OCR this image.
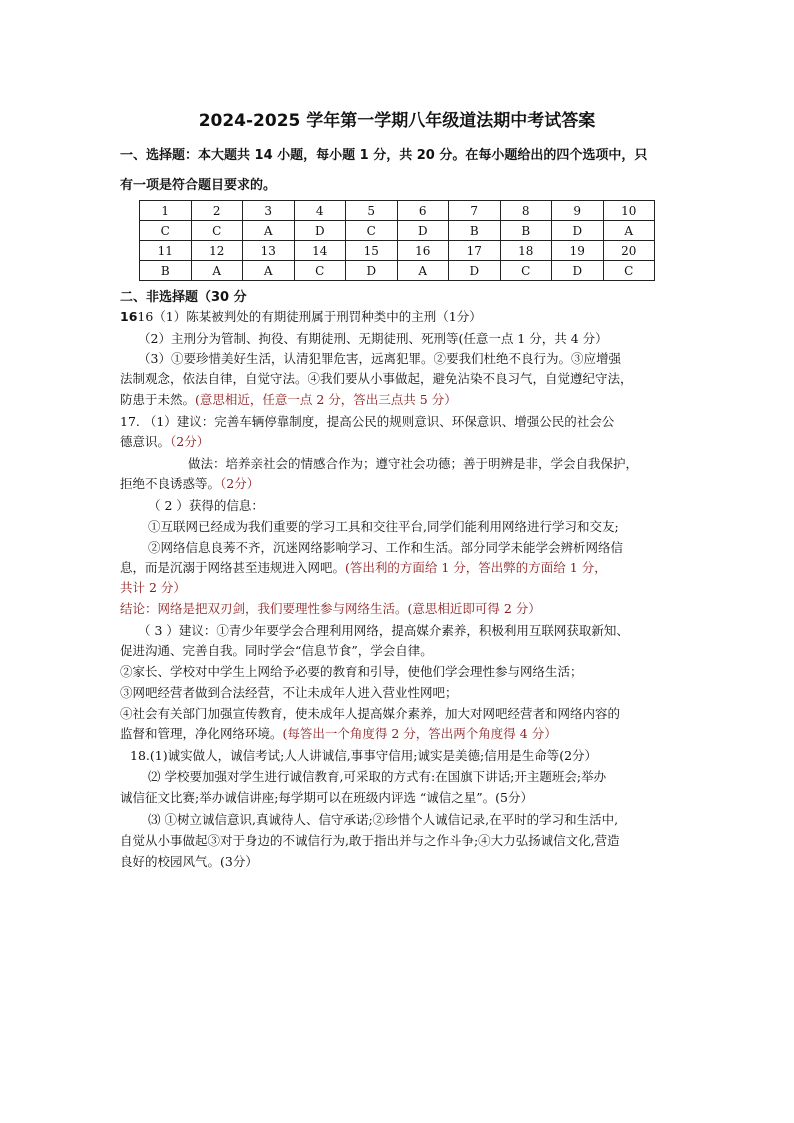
2024-2025 学年第一学期八年级道法期中考试答案
一、选择题：本大题共 14 小题，每小题 1 分，共 20 分。在每小题给出的四个选项中，只
有一项是符合题目要求的。
1	2	3	4	5	6	7	8	9	10
C	C	A	D	C	D	B	B	D	A
11	12	13	14	15	16	17	18	19	20
B	A	A	C	D	A	D	C	D	C
二、非选择题（30 分
1616（1）陈某被判处的有期徒刑属于刑罚种类中的主刑（1分）
（2）主刑分为管制、拘役、有期徒刑、无期徒刑、死刑等(任意一点 1 分，共 4 分）
（3）①要珍惜美好生活，认清犯罪危害，远离犯罪。②要我们杜绝不良行为。③应增强
法制观念，依法自律，自觉守法。④我们要从小事做起，避免沾染不良习气，自觉遵纪守法，
防患于未然。(意思相近，任意一点 2 分，答出三点共 5 分）
17. （1）建议：完善车辆停靠制度，提高公民的规则意识、环保意识、增强公民的社会公
德意识。（2分）
做法：培养亲社会的情感合作为；遵守社会功德；善于明辨是非，学会自我保护，
拒绝不良诱惑等。（2分）
（ 2 ）获得的信息：
①互联网已经成为我们重要的学习工具和交往平台,同学们能利用网络进行学习和交友;
②网络信息良莠不齐，沉迷网络影响学习、工作和生活。部分同学未能学会辨析网络信
息，而是沉溺于网络甚至违规进入网吧。(答出利的方面给 1 分，答出弊的方面给 1 分，
共计 2 分）
结论：网络是把双刃剑，我们要理性参与网络生活。(意思相近即可得 2 分）
（ 3 ）建议：①青少年要学会合理利用网络，提高媒介素养，积极利用互联网获取新知、
促进沟通、完善自我。同时学会“信息节食”，学会自律。
②家长、学校对中学生上网给予必要的教育和引导，使他们学会理性参与网络生活；
③网吧经营者做到合法经营，不让未成年人进入营业性网吧；
④社会有关部门加强宣传教育，使未成年人提高媒介素养，加大对网吧经营者和网络内容的
监督和管理，净化网络环境。(每答出一个角度得 2 分，答出两个角度得 4 分）
18.(1)诚实做人，诚信考试;人人讲诚信,事事守信用;诚实是美德;信用是生命等(2分）
⑵ 学校要加强对学生进行诚信教育,可采取的方式有:在国旗下讲话;开主题班会;举办
诚信征文比赛;举办诚信讲座;每学期可以在班级内评选 “诚信之星”。(5分）
⑶ ①树立诚信意识,真诚待人、信守承诺;②珍惜个人诚信记录,在平时的学习和生活中,
自觉从小事做起③对于身边的不诚信行为,敢于指出并与之作斗争;④大力弘扬诚信文化,营造
良好的校园风气。(3分）
